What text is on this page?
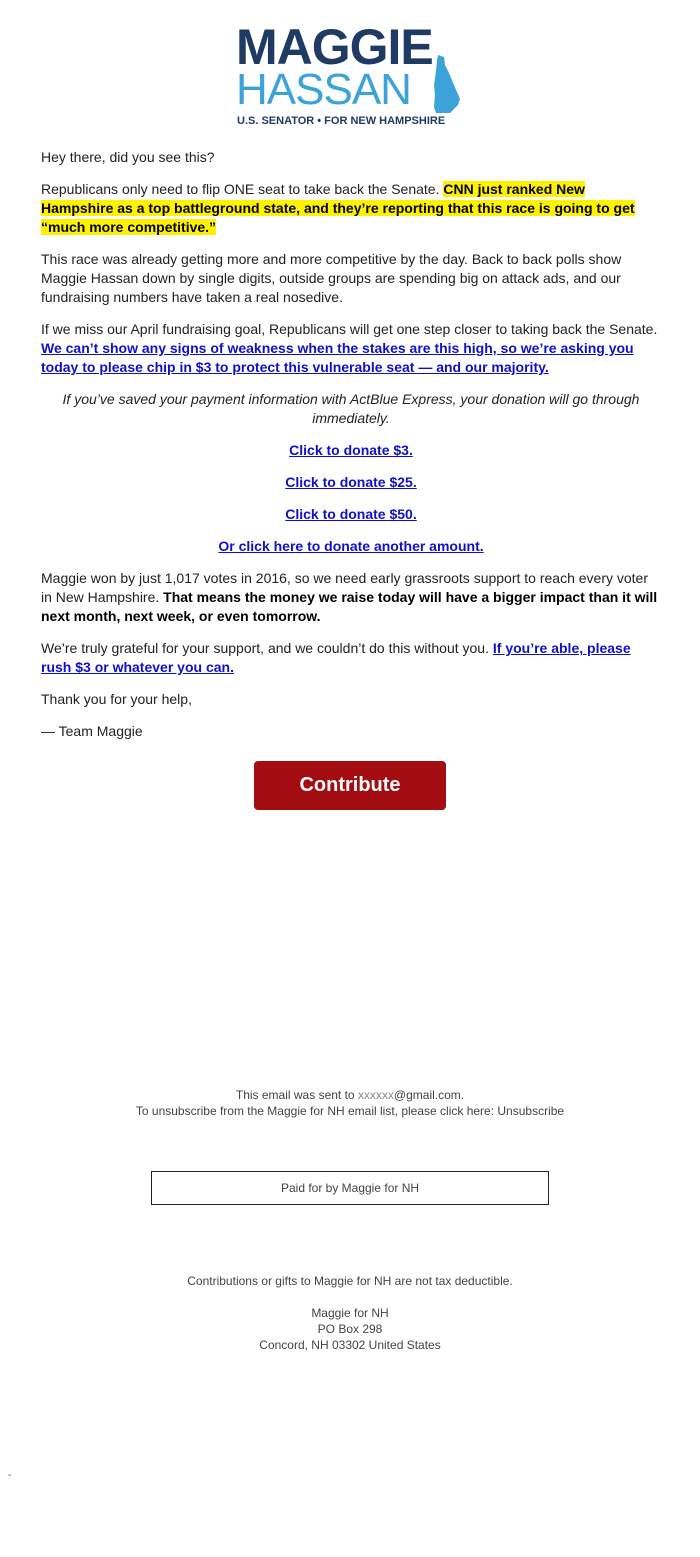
MAGGIE
HASSAN
U.S. SENATOR • FOR NEW HAMPSHIRE

Hey there, did you see this?

Republicans only need to flip ONE seat to take back the Senate. CNN just ranked New Hampshire as a top battleground state, and they’re reporting that this race is going to get “much more competitive.”

This race was already getting more and more competitive by the day. Back to back polls show Maggie Hassan down by single digits, outside groups are spending big on attack ads, and our fundraising numbers have taken a real nosedive.

If we miss our April fundraising goal, Republicans will get one step closer to taking back the Senate. We can’t show any signs of weakness when the stakes are this high, so we’re asking you today to please chip in $3 to protect this vulnerable seat — and our majority.

If you’ve saved your payment information with ActBlue Express, your donation will go through immediately.

Click to donate $3.

Click to donate $25.

Click to donate $50.

Or click here to donate another amount.

Maggie won by just 1,017 votes in 2016, so we need early grassroots support to reach every voter in New Hampshire. That means the money we raise today will have a bigger impact than it will next month, next week, or even tomorrow.

We’re truly grateful for your support, and we couldn’t do this without you. If you’re able, please rush $3 or whatever you can.

Thank you for your help,

— Team Maggie

Contribute
This email was sent to xxxxxx@gmail.com.
To unsubscribe from the Maggie for NH email list, please click here: Unsubscribe
Paid for by Maggie for NH
Contributions or gifts to Maggie for NH are not tax deductible.
Maggie for NH
PO Box 298
Concord, NH 03302 United States
-
